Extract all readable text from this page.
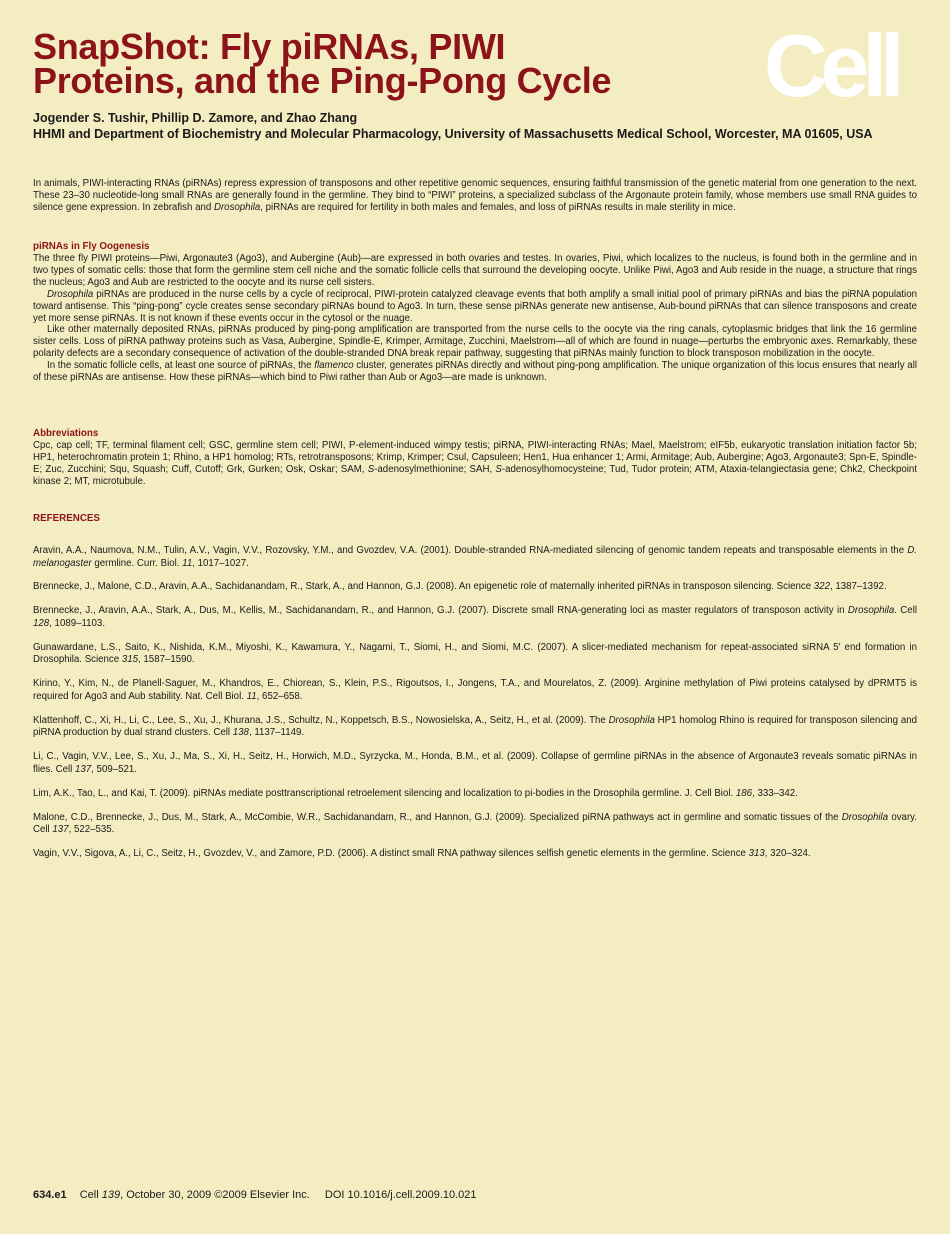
SnapShot: Fly piRNAs, PIWI
Proteins, and the Ping-Pong Cycle	Cell
Jogender S. Tushir, Phillip D. Zamore, and Zhao Zhang
HHMI and Department of Biochemistry and Molecular Pharmacology, University of Massachusetts Medical School, Worcester, MA 01605, USA

In animals, PIWI-interacting RNAs (piRNAs) repress expression of transposons and other repetitive genomic sequences, ensuring faithful transmission of the genetic material from one generation to the next. These 23–30 nucleotide-long small RNAs are generally found in the germline. They bind to “PIWI” proteins, a specialized subclass of the Argonaute protein family, whose members use small RNA guides to silence gene expression. In zebrafish and Drosophila, piRNAs are required for fertility in both males and females, and loss of piRNAs results in male sterility in mice.

piRNAs in Fly Oogenesis

The three fly PIWI proteins—Piwi, Argonaute3 (Ago3), and Aubergine (Aub)—are expressed in both ovaries and testes. In ovaries, Piwi, which localizes to the nucleus, is found both in the germline and in two types of somatic cells: those that form the germline stem cell niche and the somatic follicle cells that surround the developing oocyte. Unlike Piwi, Ago3 and Aub reside in the nuage, a structure that rings the nucleus; Ago3 and Aub are restricted to the oocyte and its nurse cell sisters.

Drosophila piRNAs are produced in the nurse cells by a cycle of reciprocal, PIWI-protein catalyzed cleavage events that both amplify a small initial pool of primary piRNAs and bias the piRNA population toward antisense. This “ping-pong” cycle creates sense secondary piRNAs bound to Ago3. In turn, these sense piRNAs generate new antisense, Aub-bound piRNAs that can silence transposons and create yet more sense piRNAs. It is not known if these events occur in the cytosol or the nuage.

Like other maternally deposited RNAs, piRNAs produced by ping-pong amplification are transported from the nurse cells to the oocyte via the ring canals, cytoplasmic bridges that link the 16 germline sister cells. Loss of piRNA pathway proteins such as Vasa, Aubergine, Spindle-E, Krimper, Armitage, Zucchini, Maelstrom—all of which are found in nuage—perturbs the embryonic axes. Remarkably, these polarity defects are a secondary consequence of activation of the double-stranded DNA break repair pathway, suggesting that piRNAs mainly function to block transposon mobilization in the oocyte.

In the somatic follicle cells, at least one source of piRNAs, the flamenco cluster, generates piRNAs directly and without ping-pong amplification. The unique organization of this locus ensures that nearly all of these piRNAs are antisense. How these piRNAs—which bind to Piwi rather than Aub or Ago3—are made is unknown.

Abbreviations

Cpc, cap cell; TF, terminal filament cell; GSC, germline stem cell; PIWI, P-element-induced wimpy testis; piRNA, PIWI-interacting RNAs; Mael, Maelstrom; eIF5b, eukaryotic translation initiation factor 5b; HP1, heterochromatin protein 1; Rhino, a HP1 homolog; RTs, retrotransposons; Krimp, Krimper; Csul, Capsuleen; Hen1, Hua enhancer 1; Armi, Armitage; Aub, Aubergine; Ago3, Argonaute3; Spn-E, Spindle-E; Zuc, Zucchini; Squ, Squash; Cuff, Cutoff; Grk, Gurken; Osk, Oskar; SAM, S-adenosylmethionine; SAH, S-adenosylhomocysteine; Tud, Tudor protein; ATM, Ataxia-telangiectasia gene; Chk2, Checkpoint kinase 2; MT, microtubule.

REFERENCES

Aravin, A.A., Naumova, N.M., Tulin, A.V., Vagin, V.V., Rozovsky, Y.M., and Gvozdev, V.A. (2001). Double-stranded RNA-mediated silencing of genomic tandem repeats and transposable elements in the D. melanogaster germline. Curr. Biol. 11, 1017–1027.

Brennecke, J., Malone, C.D., Aravin, A.A., Sachidanandam, R., Stark, A., and Hannon, G.J. (2008). An epigenetic role of maternally inherited piRNAs in transposon silencing. Science 322, 1387–1392.

Brennecke, J., Aravin, A.A., Stark, A., Dus, M., Kellis, M., Sachidanandam, R., and Hannon, G.J. (2007). Discrete small RNA-generating loci as master regulators of transposon activity in Drosophila. Cell 128, 1089–1103.

Gunawardane, L.S., Saito, K., Nishida, K.M., Miyoshi, K., Kawamura, Y., Nagami, T., Siomi, H., and Siomi, M.C. (2007). A slicer-mediated mechanism for repeat-associated siRNA 5′ end formation in Drosophila. Science 315, 1587–1590.

Kirino, Y., Kim, N., de Planell-Saguer, M., Khandros, E., Chiorean, S., Klein, P.S., Rigoutsos, I., Jongens, T.A., and Mourelatos, Z. (2009). Arginine methylation of Piwi proteins catalysed by dPRMT5 is required for Ago3 and Aub stability. Nat. Cell Biol. 11, 652–658.

Klattenhoff, C., Xi, H., Li, C., Lee, S., Xu, J., Khurana, J.S., Schultz, N., Koppetsch, B.S., Nowosielska, A., Seitz, H., et al. (2009). The Drosophila HP1 homolog Rhino is required for transposon silencing and piRNA production by dual strand clusters. Cell 138, 1137–1149.

Li, C., Vagin, V.V., Lee, S., Xu, J., Ma, S., Xi, H., Seitz, H., Horwich, M.D., Syrzycka, M., Honda, B.M., et al. (2009). Collapse of germline piRNAs in the absence of Argonaute3 reveals somatic piRNAs in flies. Cell 137, 509–521.

Lim, A.K., Tao, L., and Kai, T. (2009). piRNAs mediate posttranscriptional retroelement silencing and localization to pi-bodies in the Drosophila germline. J. Cell Biol. 186, 333–342.

Malone, C.D., Brennecke, J., Dus, M., Stark, A., McCombie, W.R., Sachidanandam, R., and Hannon, G.J. (2009). Specialized piRNA pathways act in germline and somatic tissues of the Drosophila ovary. Cell 137, 522–535.

Vagin, V.V., Sigova, A., Li, C., Seitz, H., Gvozdev, V., and Zamore, P.D. (2006). A distinct small RNA pathway silences selfish genetic elements in the germline. Science 313, 320–324.

634.e1 Cell 139, October 30, 2009 ©2009 Elsevier Inc. DOI 10.1016/j.cell.2009.10.021
